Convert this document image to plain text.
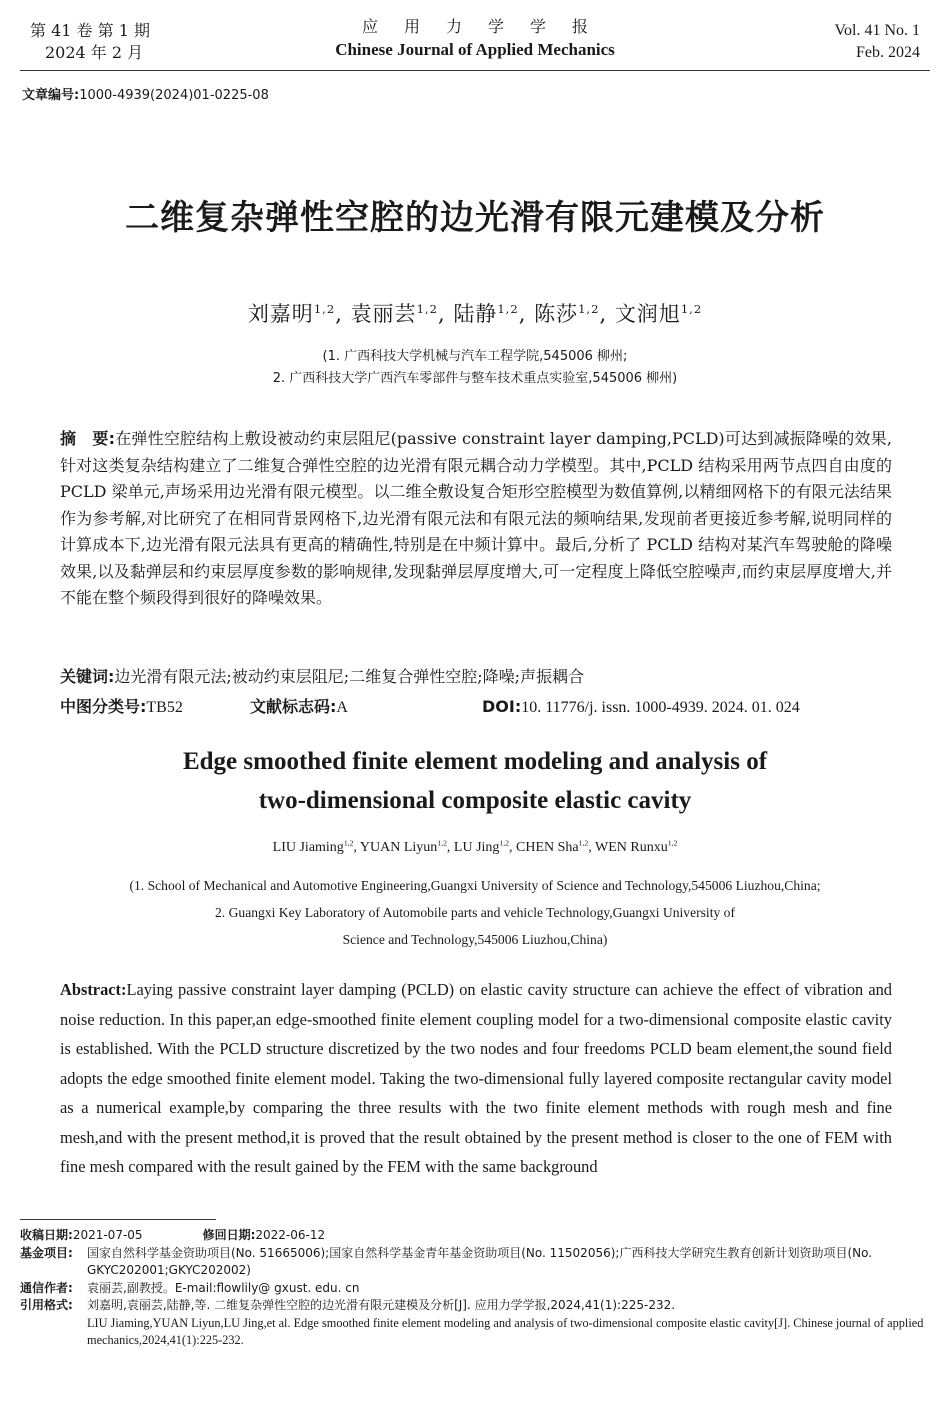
第 41 卷 第 1 期
2024 年 2 月
应用力学学报
Chinese Journal of Applied Mechanics
Vol. 41 No. 1
Feb. 2024
文章编号:1000-4939(2024)01-0225-08
二维复杂弹性空腔的边光滑有限元建模及分析
刘嘉明$^{1,2}$, 袁丽芸$^{1,2}$, 陆静$^{1,2}$, 陈莎$^{1,2}$, 文润旭$^{1,2}$
(1. 广西科技大学机械与汽车工程学院,545006 柳州;
2. 广西科技大学广西汽车零部件与整车技术重点实验室,545006 柳州)
摘　要:在弹性空腔结构上敷设被动约束层阻尼(passive constraint layer damping,PCLD)可达到减振降噪的效果,针对这类复杂结构建立了二维复合弹性空腔的边光滑有限元耦合动力学模型。其中,PCLD 结构采用两节点四自由度的 PCLD 梁单元,声场采用边光滑有限元模型。以二维全敷设复合矩形空腔模型为数值算例,以精细网格下的有限元法结果作为参考解,对比研究了在相同背景网格下,边光滑有限元法和有限元法的频响结果,发现前者更接近参考解,说明同样的计算成本下,边光滑有限元法具有更高的精确性,特别是在中频计算中。最后,分析了 PCLD 结构对某汽车驾驶舱的降噪效果,以及黏弹层和约束层厚度参数的影响规律,发现黏弹层厚度增大,可一定程度上降低空腔噪声,而约束层厚度增大,并不能在整个频段得到很好的降噪效果。
关键词:边光滑有限元法;被动约束层阻尼;二维复合弹性空腔;降噪;声振耦合
中图分类号:TB52	文献标志码:A	DOI:10. 11776/j. issn. 1000-4939. 2024. 01. 024
Edge smoothed finite element modeling and analysis of
two-dimensional composite elastic cavity
LIU Jiaming$^{1,2}$, YUAN Liyun$^{1,2}$, LU Jing$^{1,2}$, CHEN Sha$^{1,2}$, WEN Runxu$^{1,2}$
(1. School of Mechanical and Automotive Engineering,Guangxi University of Science and Technology,545006 Liuzhou,China;
2. Guangxi Key Laboratory of Automobile parts and vehicle Technology,Guangxi University of
Science and Technology,545006 Liuzhou,China)
Abstract:Laying passive constraint layer damping (PCLD) on elastic cavity structure can achieve the effect of vibration and noise reduction. In this paper,an edge-smoothed finite element coupling model for a two-dimensional composite elastic cavity is established. With the PCLD structure discretized by the two nodes and four freedoms PCLD beam element,the sound field adopts the edge smoothed finite element model. Taking the two-dimensional fully layered composite rectangular cavity model as a numerical example,by comparing the three results with the two finite element methods with rough mesh and fine mesh,and with the present method,it is proved that the result obtained by the present method is closer to the one of FEM with fine mesh compared with the result gained by the FEM with the same background
收稿日期:2021-07-05	修回日期:2022-06-12
基金项目: 国家自然科学基金资助项目(No. 51665006);国家自然科学基金青年基金资助项目(No. 11502056);广西科技大学研究生教育创新计划资助项目(No. GKYC202001;GKYC202002)
通信作者: 袁丽芸,副教授。E-mail:flowlily@ gxust. edu. cn
引用格式: 刘嘉明,袁丽芸,陆静,等. 二维复杂弹性空腔的边光滑有限元建模及分析[J]. 应用力学学报,2024,41(1):225-232.
LIU Jiaming,YUAN Liyun,LU Jing,et al. Edge smoothed finite element modeling and analysis of two-dimensional composite elastic cavity[J]. Chinese journal of applied mechanics,2024,41(1):225-232.
